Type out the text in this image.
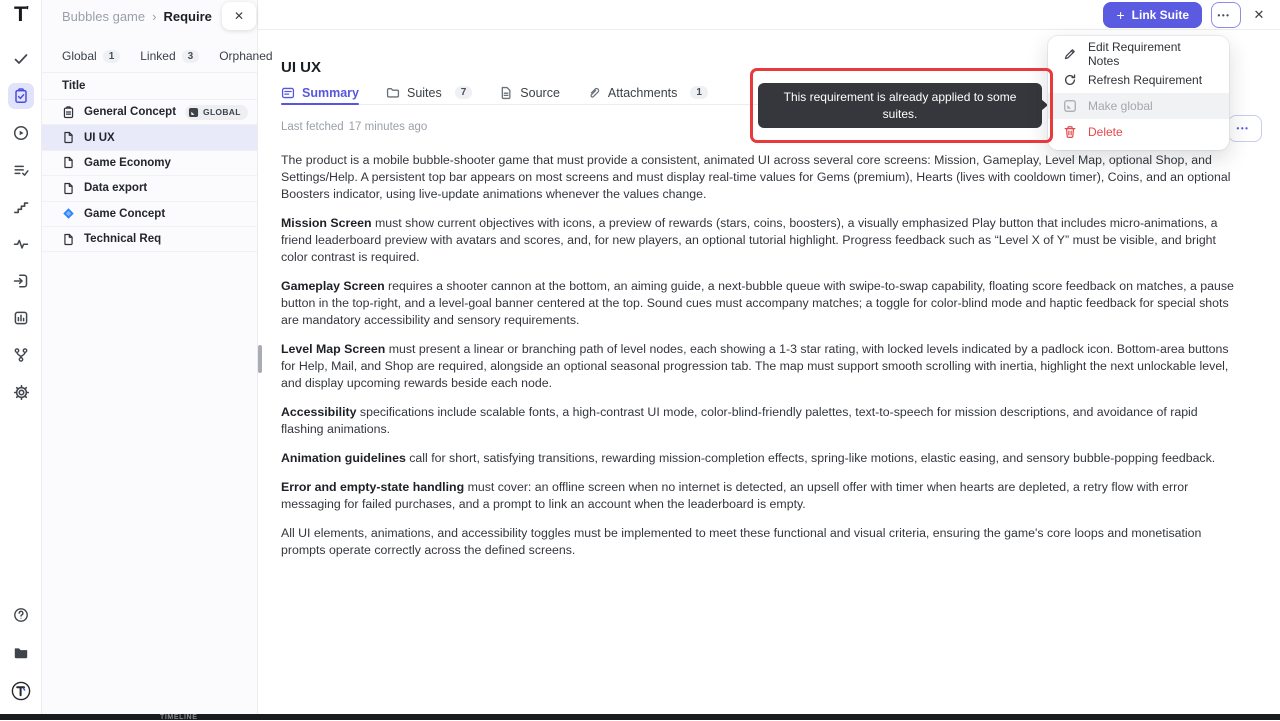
T'	Bubbles game › Require
Global	1	Linked	3	Orphaned
Title
General Concept	GLOBAL
UI UX
Game Economy
Data export
Game Concept
Technical Req
✕	+ Link Suite	•••	✕
UI UX
Summary	Suites	7	Source	Attachments	1
Last fetched 17 minutes ago	•••

The product is a mobile bubble-shooter game that must provide a consistent, animated UI across several core screens: Mission, Gameplay, Level Map, optional Shop, and Settings/Help. A persistent top bar appears on most screens and must display real-time values for Gems (premium), Hearts (lives with cooldown timer), Coins, and an optional Boosters indicator, using live-update animations whenever the values change.

Mission Screen must show current objectives with icons, a preview of rewards (stars, coins, boosters), a visually emphasized Play button that includes micro-animations, a friend leaderboard preview with avatars and scores, and, for new players, an optional tutorial highlight. Progress feedback such as “Level X of Y” must be visible, and bright color contrast is required.

Gameplay Screen requires a shooter cannon at the bottom, an aiming guide, a next-bubble queue with swipe-to-swap capability, floating score feedback on matches, a pause button in the top-right, and a level-goal banner centered at the top. Sound cues must accompany matches; a toggle for color-blind mode and haptic feedback for special shots are mandatory accessibility and sensory requirements.

Level Map Screen must present a linear or branching path of level nodes, each showing a 1-3 star rating, with locked levels indicated by a padlock icon. Bottom-area buttons for Help, Mail, and Shop are required, alongside an optional seasonal progression tab. The map must support smooth scrolling with inertia, highlight the next unlockable level, and display upcoming rewards beside each node.

Accessibility specifications include scalable fonts, a high-contrast UI mode, color-blind-friendly palettes, text-to-speech for mission descriptions, and avoidance of rapid flashing animations.

Animation guidelines call for short, satisfying transitions, rewarding mission-completion effects, spring-like motions, elastic easing, and sensory bubble-popping feedback.

Error and empty-state handling must cover: an offline screen when no internet is detected, an upsell offer with timer when hearts are depleted, a retry flow with error messaging for failed purchases, and a prompt to link an account when the leaderboard is empty.

All UI elements, animations, and accessibility toggles must be implemented to meet these functional and visual criteria, ensuring the game's core loops and monetisation prompts operate correctly across the defined screens.

This requirement is already applied to some suites.
Edit Requirement Notes
Refresh Requirement
Make global
Delete
TIMELINE
